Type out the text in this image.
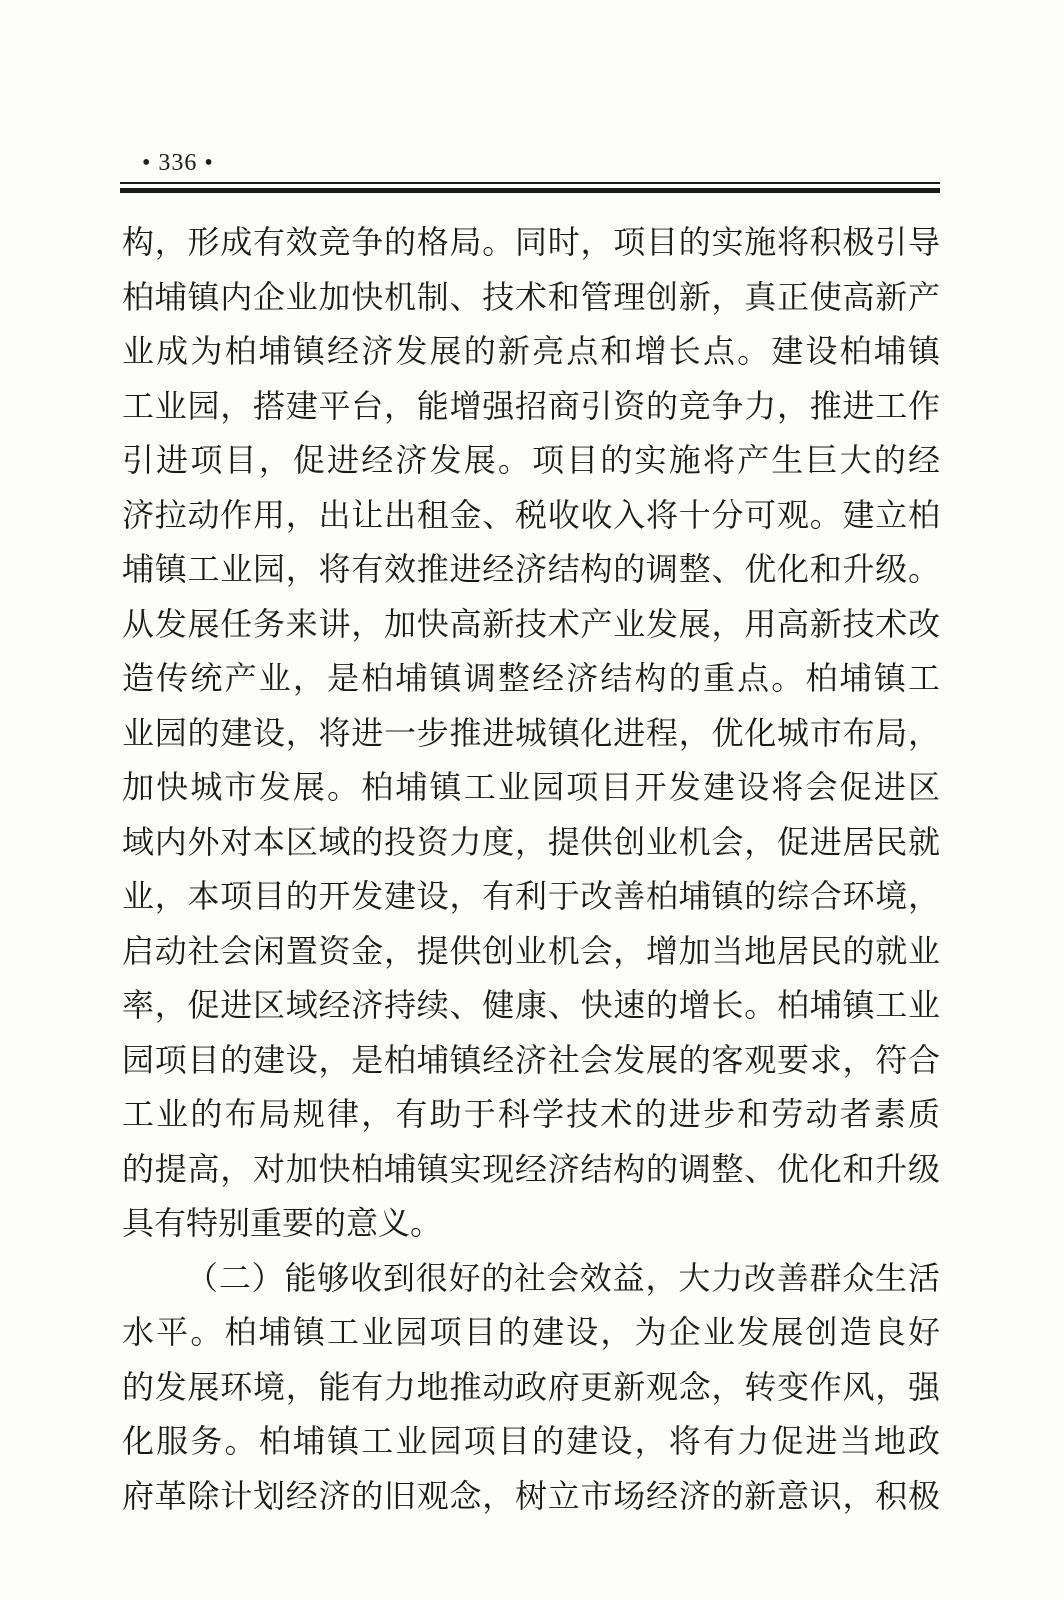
• 336 •
构，形成有效竞争的格局。同时，项目的实施将积极引导
柏埔镇内企业加快机制、技术和管理创新，真正使高新产
业成为柏埔镇经济发展的新亮点和增长点。建设柏埔镇
工业园，搭建平台，能增强招商引资的竞争力，推进工作
引进项目，促进经济发展。项目的实施将产生巨大的经
济拉动作用，出让出租金、税收收入将十分可观。建立柏
埔镇工业园，将有效推进经济结构的调整、优化和升级。
从发展任务来讲，加快高新技术产业发展，用高新技术改
造传统产业，是柏埔镇调整经济结构的重点。柏埔镇工
业园的建设，将进一步推进城镇化进程，优化城市布局，
加快城市发展。柏埔镇工业园项目开发建设将会促进区
域内外对本区域的投资力度，提供创业机会，促进居民就
业，本项目的开发建设，有利于改善柏埔镇的综合环境，
启动社会闲置资金，提供创业机会，增加当地居民的就业
率，促进区域经济持续、健康、快速的增长。柏埔镇工业
园项目的建设，是柏埔镇经济社会发展的客观要求，符合
工业的布局规律，有助于科学技术的进步和劳动者素质
的提高，对加快柏埔镇实现经济结构的调整、优化和升级
具有特别重要的意义。
（二）能够收到很好的社会效益，大力改善群众生活
水平。柏埔镇工业园项目的建设，为企业发展创造良好
的发展环境，能有力地推动政府更新观念，转变作风，强
化服务。柏埔镇工业园项目的建设，将有力促进当地政
府革除计划经济的旧观念，树立市场经济的新意识，积极
